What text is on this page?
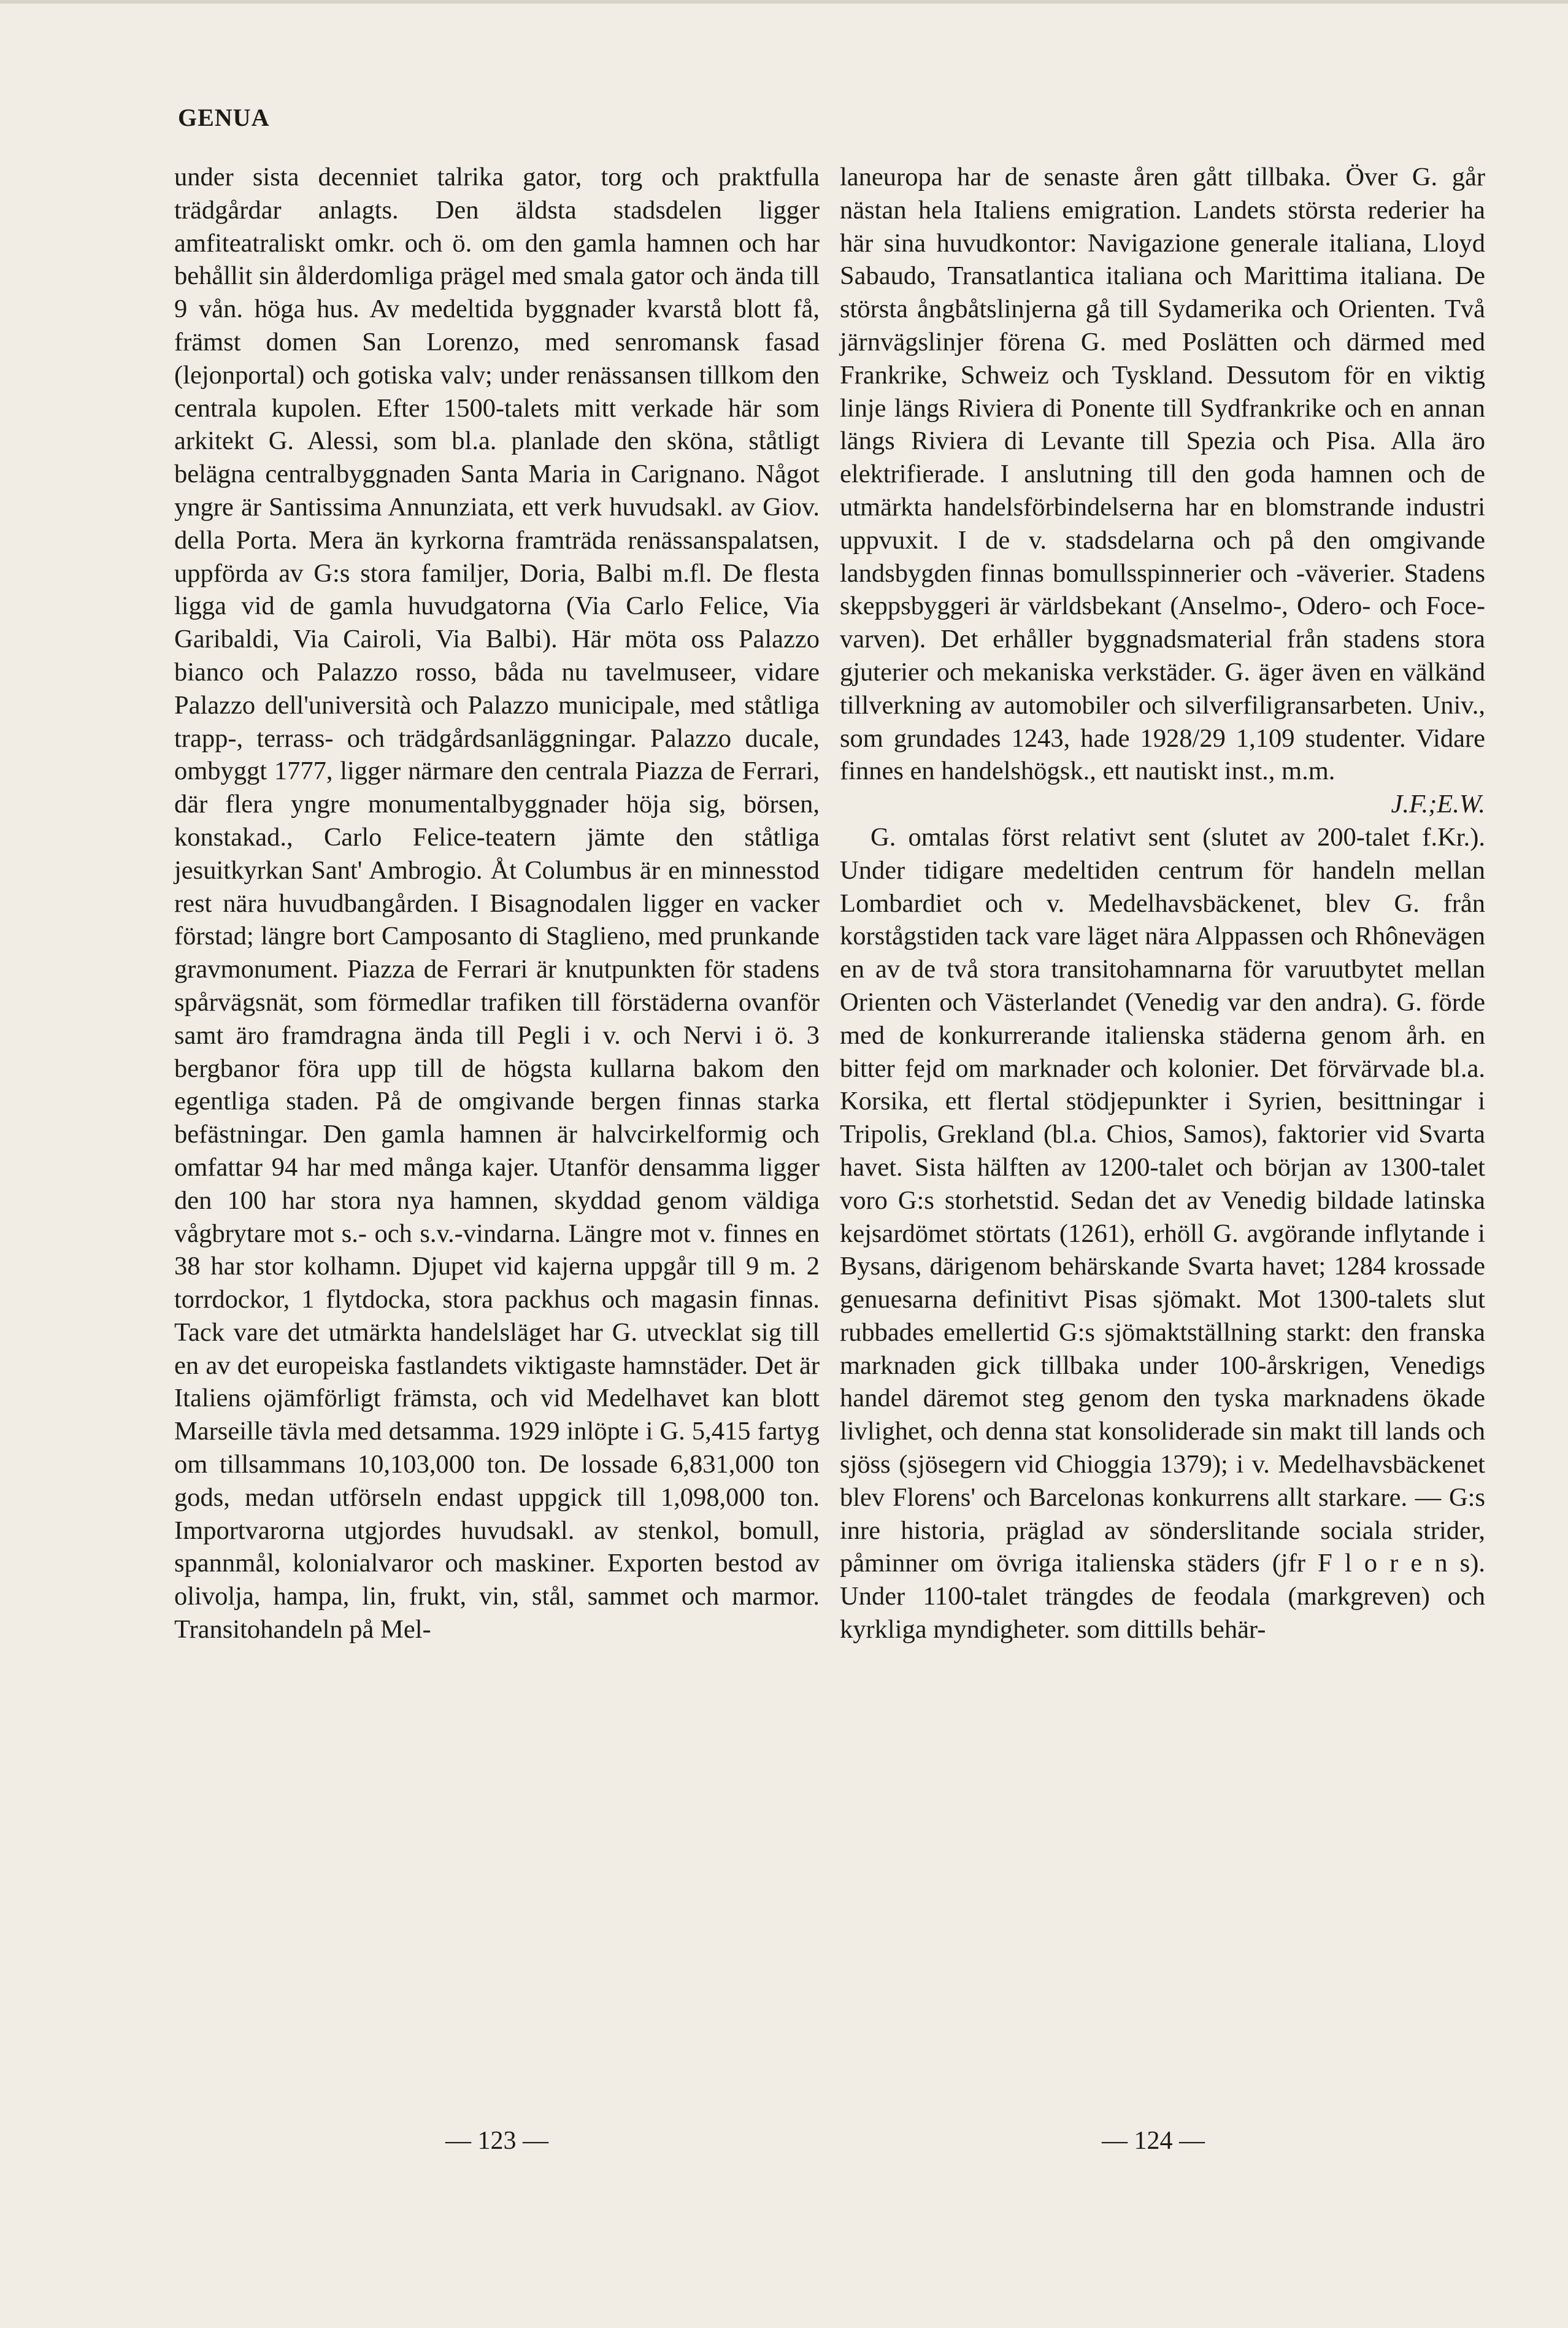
GENUA

under sista decenniet talrika gator, torg och praktfulla trädgårdar anlagts. Den äldsta stadsdelen ligger amfiteatraliskt omkr. och ö. om den gamla hamnen och har behållit sin ålderdomliga prägel med smala gator och ända till 9 vån. höga hus. Av medeltida byggnader kvarstå blott få, främst domen San Lorenzo, med senromansk fasad (lejonportal) och gotiska valv; under renässansen tillkom den centrala kupolen. Efter 1500-talets mitt verkade här som arkitekt G. Alessi, som bl.a. planlade den sköna, ståtligt belägna centralbyggnaden Santa Maria in Carignano. Något yngre är Santissima Annunziata, ett verk huvudsakl. av Giov. della Porta. Mera än kyrkorna framträda renässanspalatsen, uppförda av G:s stora familjer, Doria, Balbi m.fl. De flesta ligga vid de gamla huvudgatorna (Via Carlo Felice, Via Garibaldi, Via Cairoli, Via Balbi). Här möta oss Palazzo bianco och Palazzo rosso, båda nu tavelmuseer, vidare Palazzo dell'università och Palazzo municipale, med ståtliga trapp-, terrass- och trädgårdsanläggningar. Palazzo ducale, ombyggt 1777, ligger närmare den centrala Piazza de Ferrari, där flera yngre monumentalbyggnader höja sig, börsen, konstakad., Carlo Felice-teatern jämte den ståtliga jesuitkyrkan Sant' Ambrogio. Åt Columbus är en minnesstod rest nära huvudbangården. I Bisagnodalen ligger en vacker förstad; längre bort Camposanto di Staglieno, med prunkande gravmonument. Piazza de Ferrari är knutpunkten för stadens spårvägsnät, som förmedlar trafiken till förstäderna ovanför samt äro framdragna ända till Pegli i v. och Nervi i ö. 3 bergbanor föra upp till de högsta kullarna bakom den egentliga staden. På de omgivande bergen finnas starka befästningar. Den gamla hamnen är halvcirkelformig och omfattar 94 har med många kajer. Utanför densamma ligger den 100 har stora nya hamnen, skyddad genom väldiga vågbrytare mot s.- och s.v.-vindarna. Längre mot v. finnes en 38 har stor kolhamn. Djupet vid kajerna uppgår till 9 m. 2 torrdockor, 1 flytdocka, stora packhus och magasin finnas. Tack vare det utmärkta handelsläget har G. utvecklat sig till en av det europeiska fastlandets viktigaste hamnstäder. Det är Italiens ojämförligt främsta, och vid Medelhavet kan blott Marseille tävla med detsamma. 1929 inlöpte i G. 5,415 fartyg om tillsammans 10,103,000 ton. De lossade 6,831,000 ton gods, medan utförseln endast uppgick till 1,098,000 ton. Importvarorna utgjordes huvudsakl. av stenkol, bomull, spannmål, kolonialvaror och maskiner. Exporten bestod av olivolja, hampa, lin, frukt, vin, stål, sammet och marmor. Transitohandeln på Mel-

laneuropa har de senaste åren gått tillbaka. Över G. går nästan hela Italiens emigration. Landets största rederier ha här sina huvudkontor: Navigazione generale italiana, Lloyd Sabaudo, Transatlantica italiana och Marittima italiana. De största ångbåtslinjerna gå till Sydamerika och Orienten. Två järnvägslinjer förena G. med Poslätten och därmed med Frankrike, Schweiz och Tyskland. Dessutom för en viktig linje längs Riviera di Ponente till Sydfrankrike och en annan längs Riviera di Levante till Spezia och Pisa. Alla äro elektrifierade. I anslutning till den goda hamnen och de utmärkta handelsförbindelserna har en blomstrande industri uppvuxit. I de v. stadsdelarna och på den omgivande landsbygden finnas bomullsspinnerier och -väverier. Stadens skeppsbyggeri är världsbekant (Anselmo-, Odero- och Foce-varven). Det erhåller byggnadsmaterial från stadens stora gjuterier och mekaniska verkstäder. G. äger även en välkänd tillverkning av automobiler och silverfiligransarbeten. Univ., som grundades 1243, hade 1928/29 1,109 studenter. Vidare finnes en handelshögsk., ett nautiskt inst., m.m.

J.F.;E.W.

G. omtalas först relativt sent (slutet av 200-talet f.Kr.). Under tidigare medeltiden centrum för handeln mellan Lombardiet och v. Medelhavsbäckenet, blev G. från korstågstiden tack vare läget nära Alppassen och Rhônevägen en av de två stora transitohamnarna för varuutbytet mellan Orienten och Västerlandet (Venedig var den andra). G. förde med de konkurrerande italienska städerna genom årh. en bitter fejd om marknader och kolonier. Det förvärvade bl.a. Korsika, ett flertal stödjepunkter i Syrien, besittningar i Tripolis, Grekland (bl.a. Chios, Samos), faktorier vid Svarta havet. Sista hälften av 1200-talet och början av 1300-talet voro G:s storhetstid. Sedan det av Venedig bildade latinska kejsardömet störtats (1261), erhöll G. avgörande inflytande i Bysans, därigenom behärskande Svarta havet; 1284 krossade genuesarna definitivt Pisas sjömakt. Mot 1300-talets slut rubbades emellertid G:s sjömaktställning starkt: den franska marknaden gick tillbaka under 100-årskrigen, Venedigs handel däremot steg genom den tyska marknadens ökade livlighet, och denna stat konsoliderade sin makt till lands och sjöss (sjösegern vid Chioggia 1379); i v. Medelhavsbäckenet blev Florens' och Barcelonas konkurrens allt starkare. — G:s inre historia, präglad av sönderslitande sociala strider, påminner om övriga italienska städers (jfr F l o r e n s). Under 1100-talet trängdes de feodala (markgreven) och kyrkliga myndigheter. som dittills behär-

— 123 —	— 124 —
